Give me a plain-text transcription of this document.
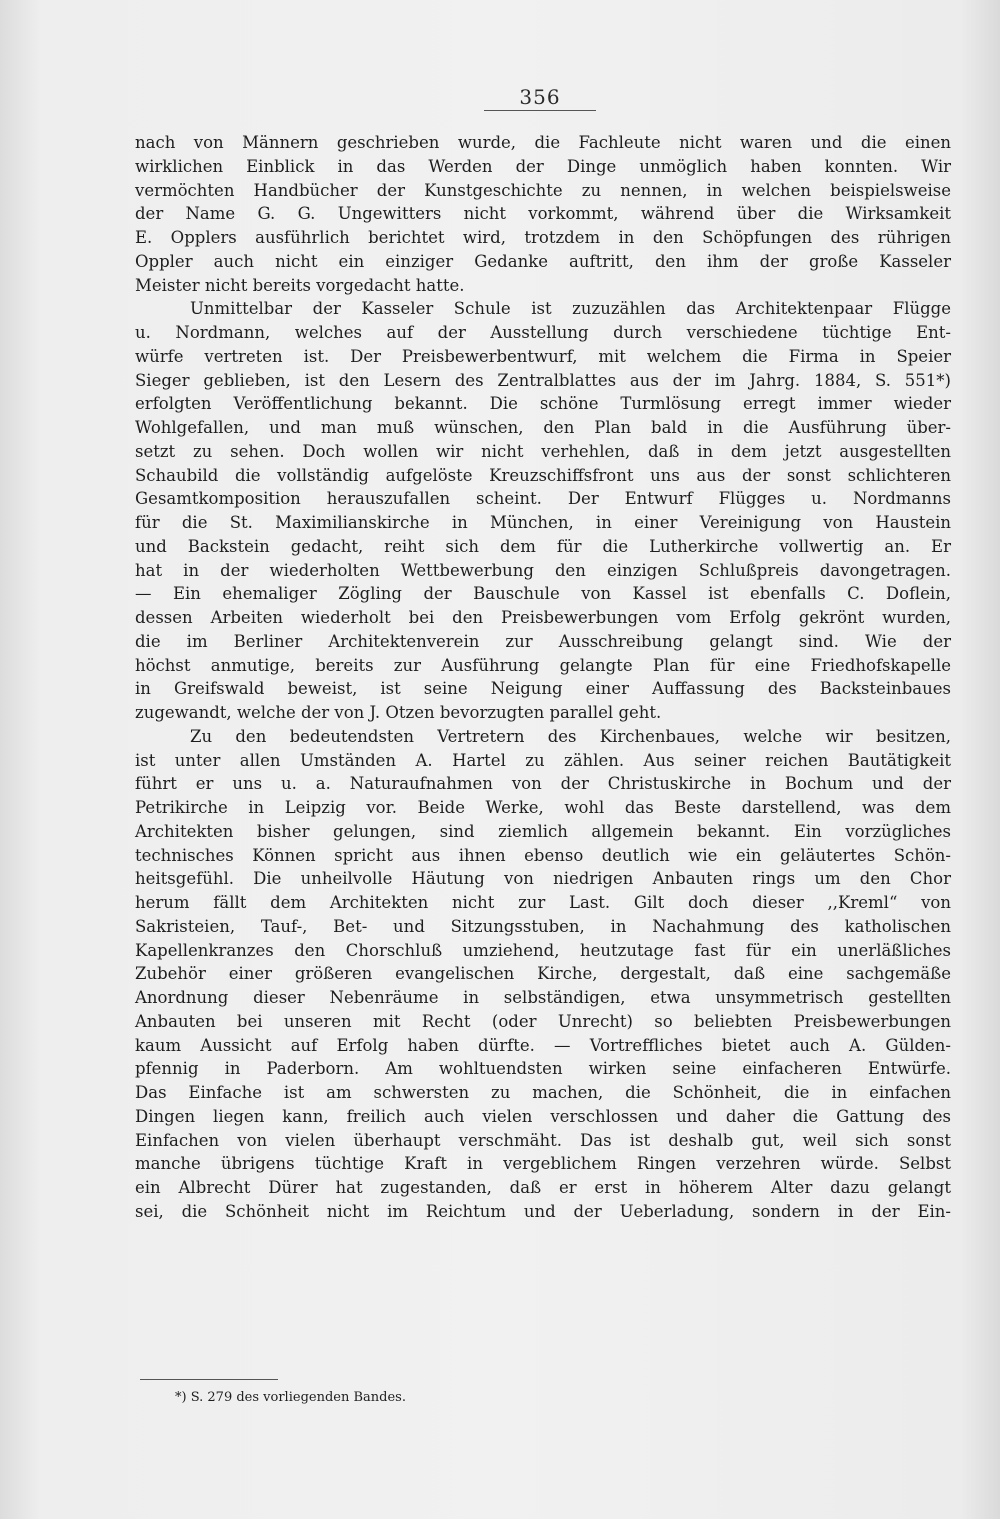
356
nach von Männern geschrieben wurde, die Fachleute nicht waren und die einen
wirklichen Einblick in das Werden der Dinge unmöglich haben konnten. Wir
vermöchten Handbücher der Kunstgeschichte zu nennen, in welchen beispielsweise
der Name G. G. Ungewitters nicht vorkommt, während über die Wirksamkeit
E. Opplers ausführlich berichtet wird, trotzdem in den Schöpfungen des rührigen
Oppler auch nicht ein einziger Gedanke auftritt, den ihm der große Kasseler
Meister nicht bereits vorgedacht hatte.
Unmittelbar der Kasseler Schule ist zuzuzählen das Architektenpaar Flügge
u. Nordmann, welches auf der Ausstellung durch verschiedene tüchtige Ent-
würfe vertreten ist. Der Preisbewerbentwurf, mit welchem die Firma in Speier
Sieger geblieben, ist den Lesern des Zentralblattes aus der im Jahrg. 1884, S. 551*)
erfolgten Veröffentlichung bekannt. Die schöne Turmlösung erregt immer wieder
Wohlgefallen, und man muß wünschen, den Plan bald in die Ausführung über-
setzt zu sehen. Doch wollen wir nicht verhehlen, daß in dem jetzt ausgestellten
Schaubild die vollständig aufgelöste Kreuzschiffsfront uns aus der sonst schlichteren
Gesamtkomposition herauszufallen scheint. Der Entwurf Flügges u. Nordmanns
für die St. Maximilianskirche in München, in einer Vereinigung von Haustein
und Backstein gedacht, reiht sich dem für die Lutherkirche vollwertig an. Er
hat in der wiederholten Wettbewerbung den einzigen Schlußpreis davongetragen.
— Ein ehemaliger Zögling der Bauschule von Kassel ist ebenfalls C. Doflein,
dessen Arbeiten wiederholt bei den Preisbewerbungen vom Erfolg gekrönt wurden,
die im Berliner Architektenverein zur Ausschreibung gelangt sind. Wie der
höchst anmutige, bereits zur Ausführung gelangte Plan für eine Friedhofskapelle
in Greifswald beweist, ist seine Neigung einer Auffassung des Backsteinbaues
zugewandt, welche der von J. Otzen bevorzugten parallel geht.
Zu den bedeutendsten Vertretern des Kirchenbaues, welche wir besitzen,
ist unter allen Umständen A. Hartel zu zählen. Aus seiner reichen Bautätigkeit
führt er uns u. a. Naturaufnahmen von der Christuskirche in Bochum und der
Petrikirche in Leipzig vor. Beide Werke, wohl das Beste darstellend, was dem
Architekten bisher gelungen, sind ziemlich allgemein bekannt. Ein vorzügliches
technisches Können spricht aus ihnen ebenso deutlich wie ein geläutertes Schön-
heitsgefühl. Die unheilvolle Häutung von niedrigen Anbauten rings um den Chor
herum fällt dem Architekten nicht zur Last. Gilt doch dieser ,,Kreml“ von
Sakristeien, Tauf-, Bet- und Sitzungsstuben, in Nachahmung des katholischen
Kapellenkranzes den Chorschluß umziehend, heutzutage fast für ein unerläßliches
Zubehör einer größeren evangelischen Kirche, dergestalt, daß eine sachgemäße
Anordnung dieser Nebenräume in selbständigen, etwa unsymmetrisch gestellten
Anbauten bei unseren mit Recht (oder Unrecht) so beliebten Preisbewerbungen
kaum Aussicht auf Erfolg haben dürfte. — Vortreffliches bietet auch A. Gülden-
pfennig in Paderborn. Am wohltuendsten wirken seine einfacheren Entwürfe.
Das Einfache ist am schwersten zu machen, die Schönheit, die in einfachen
Dingen liegen kann, freilich auch vielen verschlossen und daher die Gattung des
Einfachen von vielen überhaupt verschmäht. Das ist deshalb gut, weil sich sonst
manche übrigens tüchtige Kraft in vergeblichem Ringen verzehren würde. Selbst
ein Albrecht Dürer hat zugestanden, daß er erst in höherem Alter dazu gelangt
sei, die Schönheit nicht im Reichtum und der Ueberladung, sondern in der Ein-
*) S. 279 des vorliegenden Bandes.
